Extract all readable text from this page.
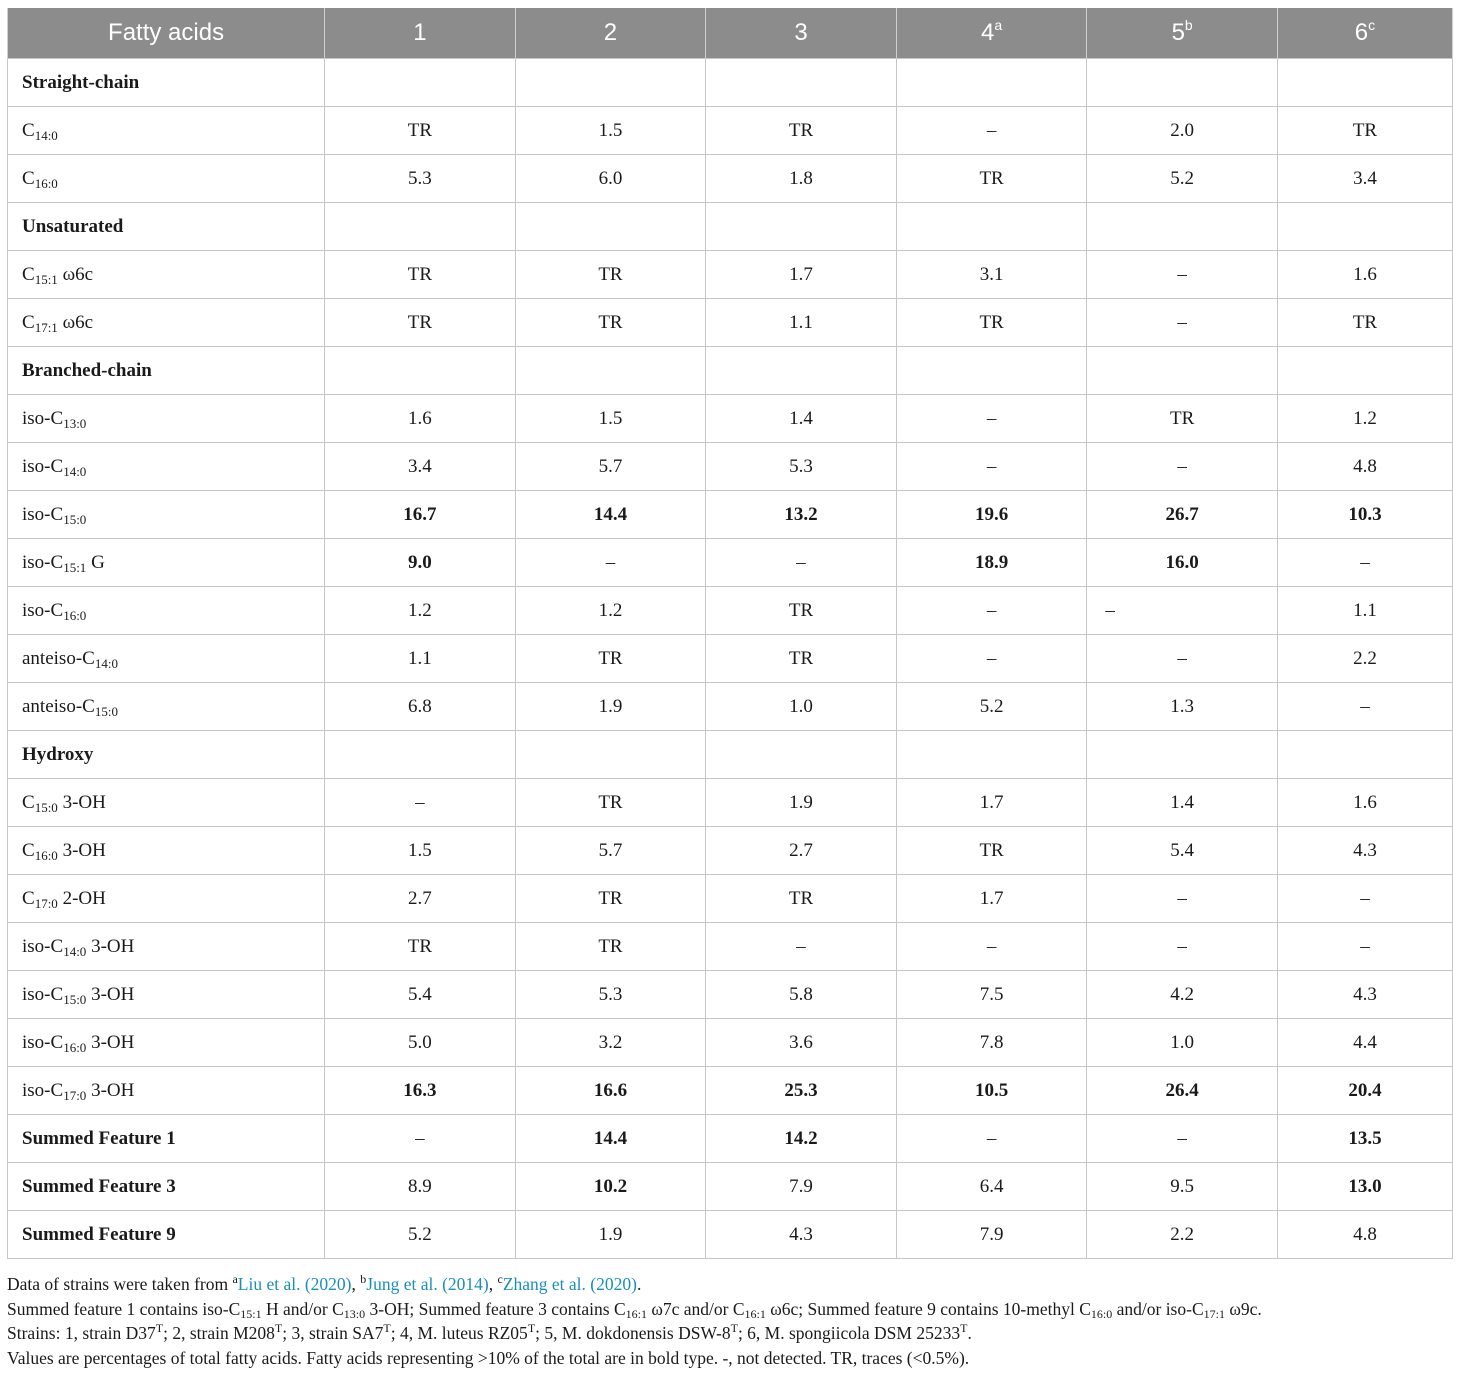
Fatty acids	1	2	3	4$^a$	5$^b$	6$^c$
Straight-chain						
$C_{14:0}$	TR	1.5	TR	–	2.0	TR
$C_{16:0}$	5.3	6.0	1.8	TR	5.2	3.4
Unsaturated						
$C_{15:1}$ ω6c	TR	TR	1.7	3.1	–	1.6
$C_{17:1}$ ω6c	TR	TR	1.1	TR	–	TR
Branched-chain						
iso-$C_{13:0}$	1.6	1.5	1.4	–	TR	1.2
iso-$C_{14:0}$	3.4	5.7	5.3	–	–	4.8
iso-$C_{15:0}$	16.7	14.4	13.2	19.6	26.7	10.3
iso-$C_{15:1}$ G	9.0	–	–	18.9	16.0	–
iso-$C_{16:0}$	1.2	1.2	TR	–	–	1.1
anteiso-$C_{14:0}$	1.1	TR	TR	–	–	2.2
anteiso-$C_{15:0}$	6.8	1.9	1.0	5.2	1.3	–
Hydroxy						
$C_{15:0}$ 3-OH	–	TR	1.9	1.7	1.4	1.6
$C_{16:0}$ 3-OH	1.5	5.7	2.7	TR	5.4	4.3
$C_{17:0}$ 2-OH	2.7	TR	TR	1.7	–	–
iso-$C_{14:0}$ 3-OH	TR	TR	–	–	–	–
iso-$C_{15:0}$ 3-OH	5.4	5.3	5.8	7.5	4.2	4.3
iso-$C_{16:0}$ 3-OH	5.0	3.2	3.6	7.8	1.0	4.4
iso-$C_{17:0}$ 3-OH	16.3	16.6	25.3	10.5	26.4	20.4
Summed Feature 1	–	14.4	14.2	–	–	13.5
Summed Feature 3	8.9	10.2	7.9	6.4	9.5	13.0
Summed Feature 9	5.2	1.9	4.3	7.9	2.2	4.8
Data of strains were taken from $^a$Liu et al. (2020), $^b$Jung et al. (2014), $^c$Zhang et al. (2020).
Summed feature 1 contains iso-$C_{15:1}$ H and/or $C_{13:0}$ 3-OH; Summed feature 3 contains $C_{16:1}$ ω7c and/or $C_{16:1}$ ω6c; Summed feature 9 contains 10-methyl $C_{16:0}$ and/or iso-$C_{17:1}$ ω9c.
Strains: 1, strain $D37^T$; 2, strain $M208^T$; 3, strain $SA7^T$; 4, M. luteus $RZ05^T$; 5, M. dokdonensis DSW-$8^T$; 6, M. spongiicola DSM $25233^T$.
Values are percentages of total fatty acids. Fatty acids representing >10% of the total are in bold type. -, not detected. TR, traces (<0.5%).
